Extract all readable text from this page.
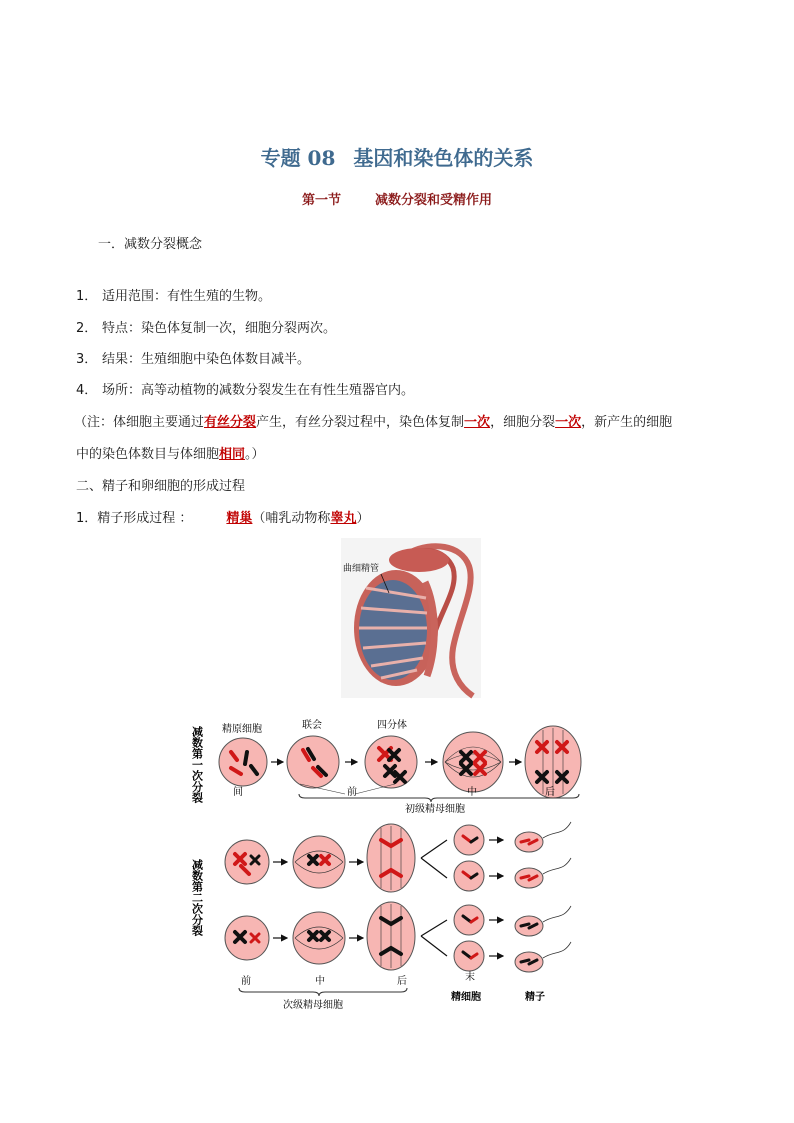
专题 08 基因和染色体的关系
第一节	减数分裂和受精作用
一．减数分裂概念
1． 适用范围：有性生殖的生物。
2． 特点：染色体复制一次，细胞分裂两次。
3． 结果：生殖细胞中染色体数目减半。
4． 场所：高等动植物的减数分裂发生在有性生殖器官内。
（注：体细胞主要通过有丝分裂产生，有丝分裂过程中，染色体复制一次，细胞分裂一次，新产生的细胞
中的染色体数目与体细胞相同。）
二、精子和卵细胞的形成过程
1．精子形成过程 ：	精巢（哺乳动物称睾丸）
曲细精管
减数第一次分裂
减数第二次分裂
精原细胞	联会	四分体
间	前	中	后
初级精母细胞
前	中	后	末
次级精母细胞
精细胞	精子
